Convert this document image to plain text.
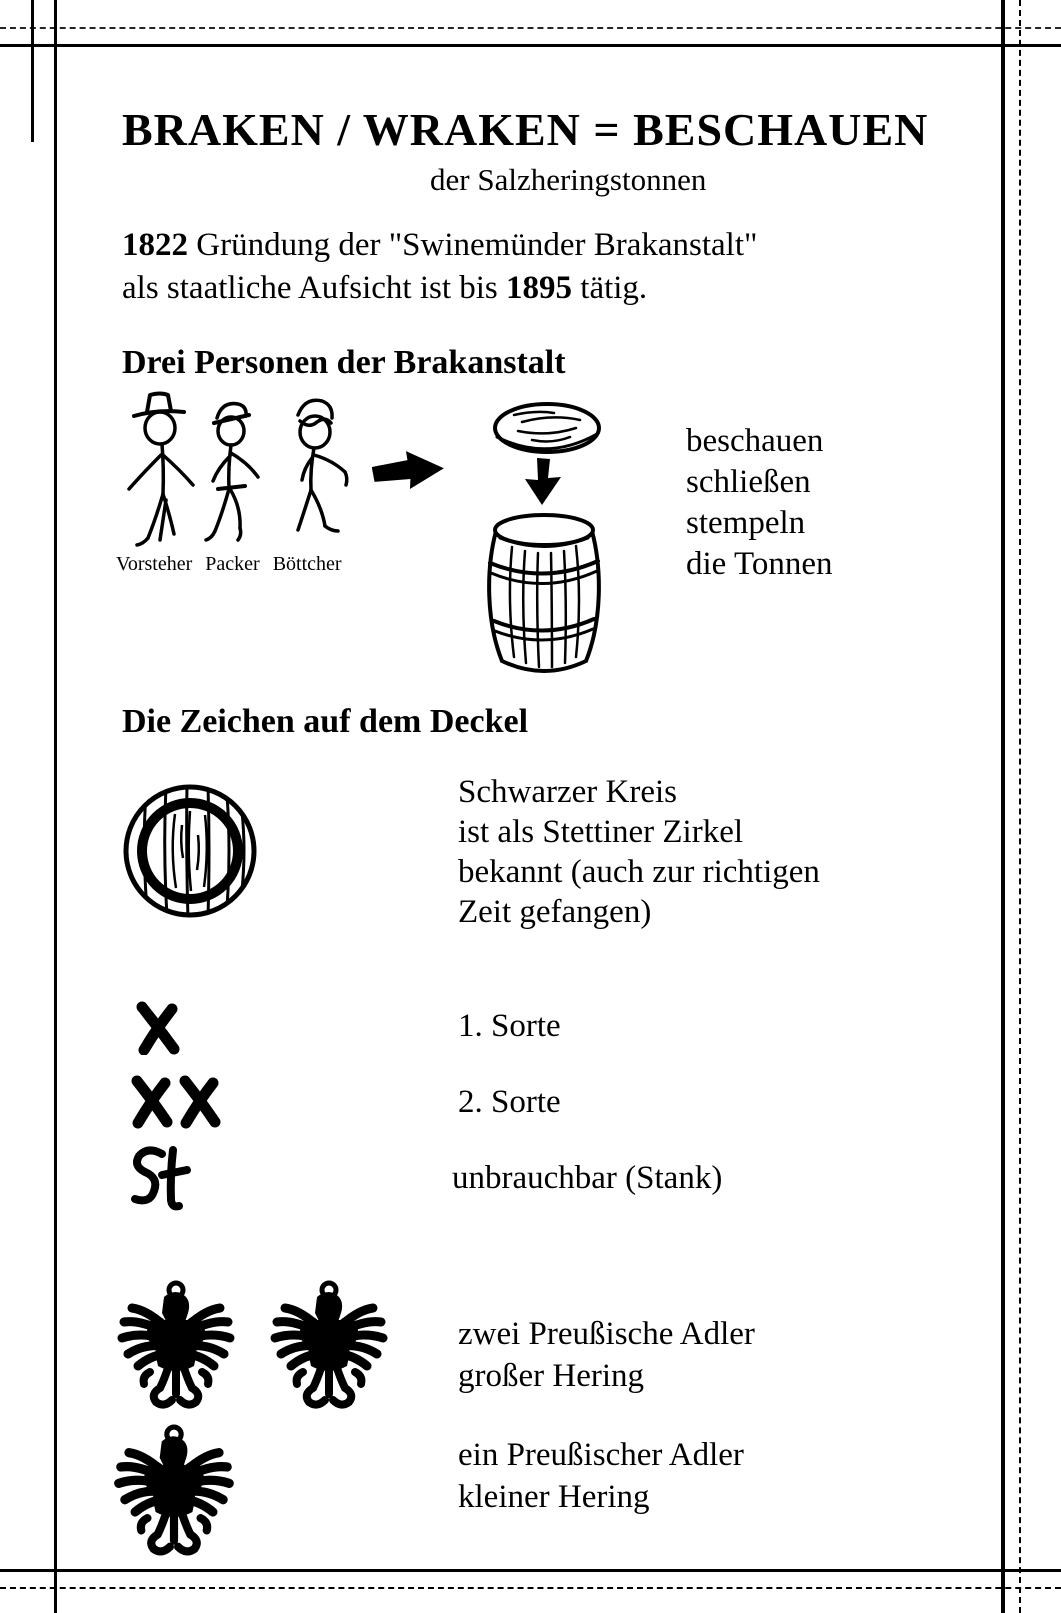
BRAKEN / WRAKEN = BESCHAUEN
der Salzheringstonnen
1822 Gründung der "Swinemünder Brakanstalt"
als staatliche Aufsicht ist bis 1895 tätig.
Drei Personen der Brakanstalt
Vorsteher Packer Böttcher
beschauen
schließen
stempeln
die Tonnen
Die Zeichen auf dem Deckel
Schwarzer Kreis
ist als Stettiner Zirkel
bekannt (auch zur richtigen
Zeit gefangen)
1. Sorte
2. Sorte
unbrauchbar (Stank)
zwei Preußische Adler
großer Hering
ein Preußischer Adler
kleiner Hering
